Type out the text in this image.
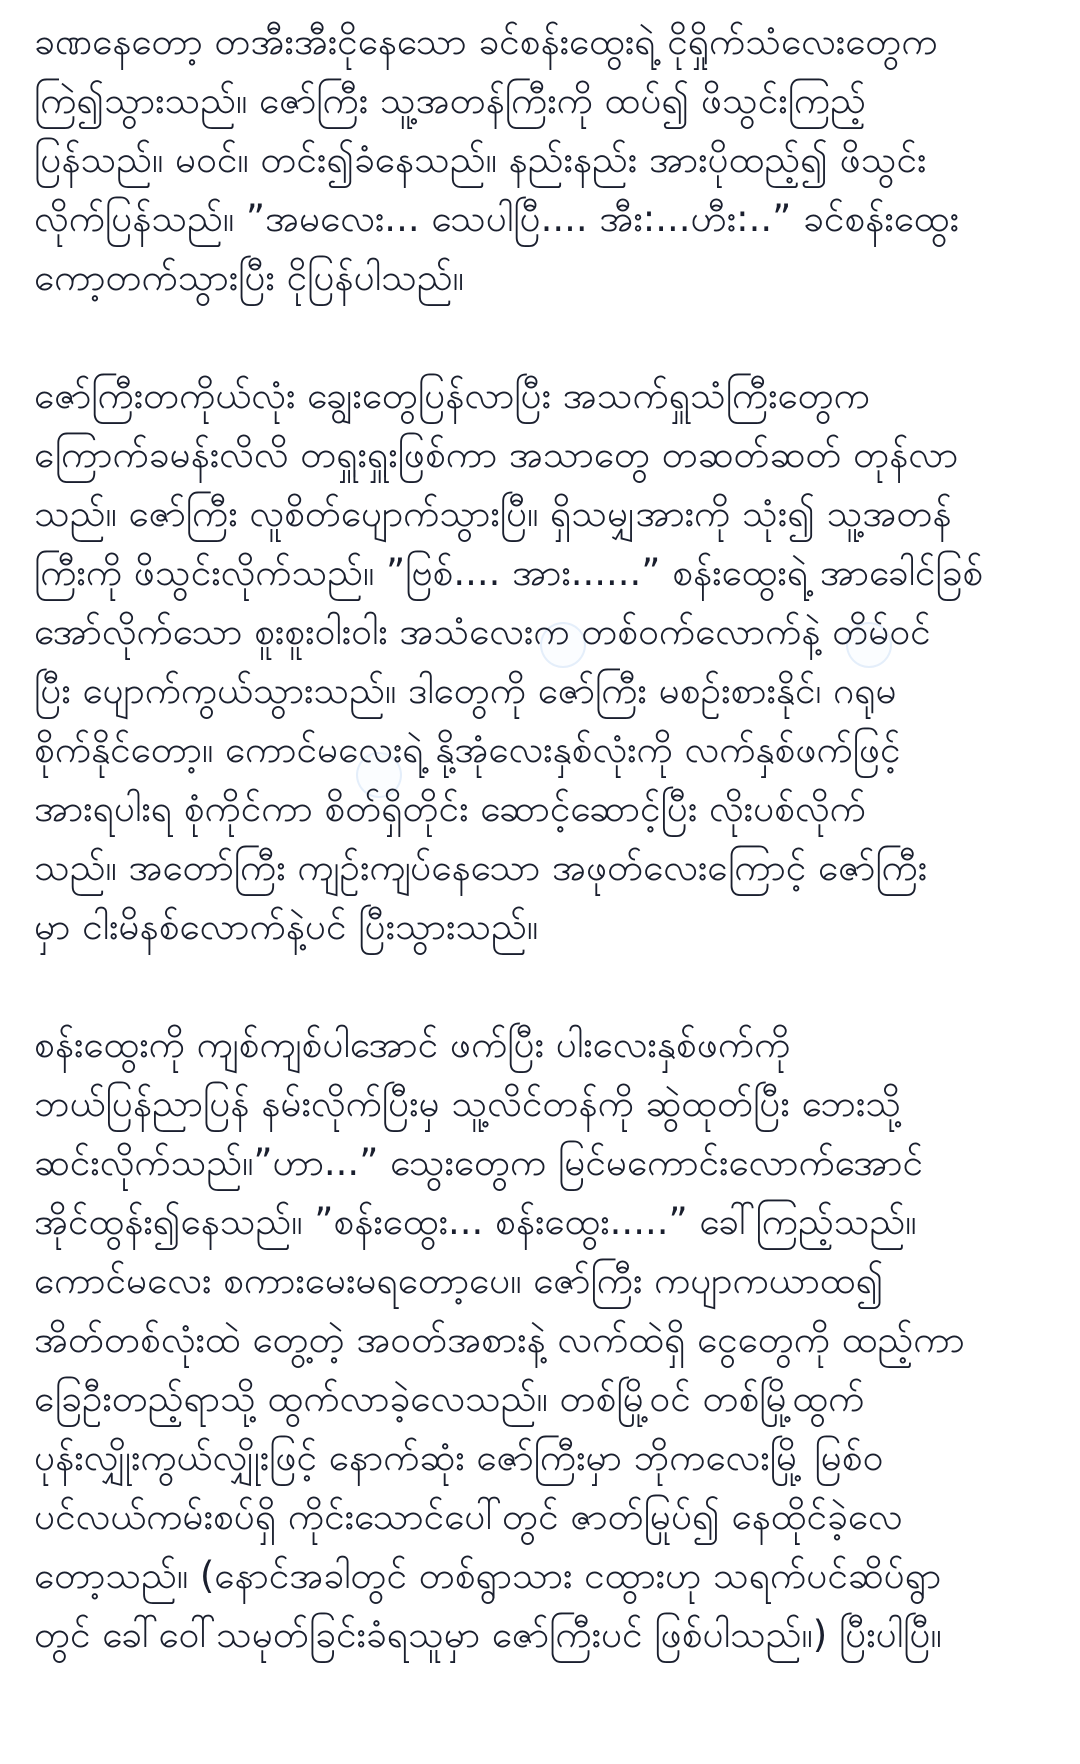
ခဏနေတော့ တအီးအီးငိုနေသော ခင်စန်းထွေးရဲ့ ငိုရှိုက်သံလေးတွေက
ကြဲ၍သွားသည်။ ဇော်ကြီး သူ့အတန်ကြီးကို ထပ်၍ ဖိသွင်းကြည့်
ပြန်သည်။ မဝင်။ တင်း၍ခံနေသည်။ နည်းနည်း အားပိုထည့်၍ ဖိသွင်း
လိုက်ပြန်သည်။ ”အမလေး... သေပါပြီ.... အီး:...ဟီး:..” ခင်စန်းထွေး
ကော့တက်သွားပြီး ငိုပြန်ပါသည်။

ဇော်ကြီးတကိုယ်လုံး ချွေးတွေပြန်လာပြီး အသက်ရှူသံကြီးတွေက
ကြောက်ခမန်းလိလိ တရှူးရှူးဖြစ်ကာ အသာတွေ တဆတ်ဆတ် တုန်လာ
သည်။ ဇော်ကြီး လူစိတ်ပျောက်သွားပြီ။ ရှိသမျှအားကို သုံး၍ သူ့အတန်
ကြီးကို ဖိသွင်းလိုက်သည်။ ”ဗြစ်.... အား......” စန်းထွေးရဲ့ အာခေါင်ခြစ်
အော်လိုက်သော စူးစူးဝါးဝါး အသံလေးက တစ်ဝက်လောက်နဲ့ တိမ်ဝင်
ပြီး ပျောက်ကွယ်သွားသည်။ ဒါတွေကို ဇော်ကြီး မစဉ်းစားနိုင်၊ ဂရုမ
စိုက်နိုင်တော့။ ကောင်မလေးရဲ့ နို့အုံလေးနှစ်လုံးကို လက်နှစ်ဖက်ဖြင့်
အားရပါးရ စုံကိုင်ကာ စိတ်ရှိတိုင်း ဆောင့်ဆောင့်ပြီး လိုးပစ်လိုက်
သည်။ အတော်ကြီး ကျဉ်းကျပ်နေသော အဖုတ်လေးကြောင့် ဇော်ကြီး
မှာ ငါးမိနစ်လောက်နဲ့ပင် ပြီးသွားသည်။

စန်းထွေးကို ကျစ်ကျစ်ပါအောင် ဖက်ပြီး ပါးလေးနှစ်ဖက်ကို
ဘယ်ပြန်ညာပြန် နမ်းလိုက်ပြီးမှ သူ့လိင်တန်ကို ဆွဲထုတ်ပြီး ဘေးသို့
ဆင်းလိုက်သည်။”ဟာ...” သွေးတွေက မြင်မကောင်းလောက်အောင်
အိုင်ထွန်း၍နေသည်။ ”စန်းထွေး... စန်းထွေး.....” ခေါ်ကြည့်သည်။
ကောင်မလေး စကားမေးမရတော့ပေ။ ဇော်ကြီး ကပျာကယာထ၍
အိတ်တစ်လုံးထဲ တွေ့တဲ့ အဝတ်အစားနဲ့ လက်ထဲရှိ ငွေတွေကို ထည့်ကာ
ခြေဦးတည့်ရာသို့ ထွက်လာခဲ့လေသည်။ တစ်မြို့ဝင် တစ်မြို့ထွက်
ပုန်းလျှိုးကွယ်လျှိုးဖြင့် နောက်ဆုံး ဇော်ကြီးမှာ ဘိုကလေးမြို့ မြစ်ဝ
ပင်လယ်ကမ်းစပ်ရှိ ကိုင်းသောင်ပေါ်တွင် ဇာတ်မြုပ်၍ နေထိုင်ခဲ့လေ
တော့သည်။ (နောင်အခါတွင် တစ်ရွာသား ငထွားဟု သရက်ပင်ဆိပ်ရွာ
တွင် ခေါ်ဝေါ်သမုတ်ခြင်းခံရသူမှာ ဇော်ကြီးပင် ဖြစ်ပါသည်။) ပြီးပါပြီ။
